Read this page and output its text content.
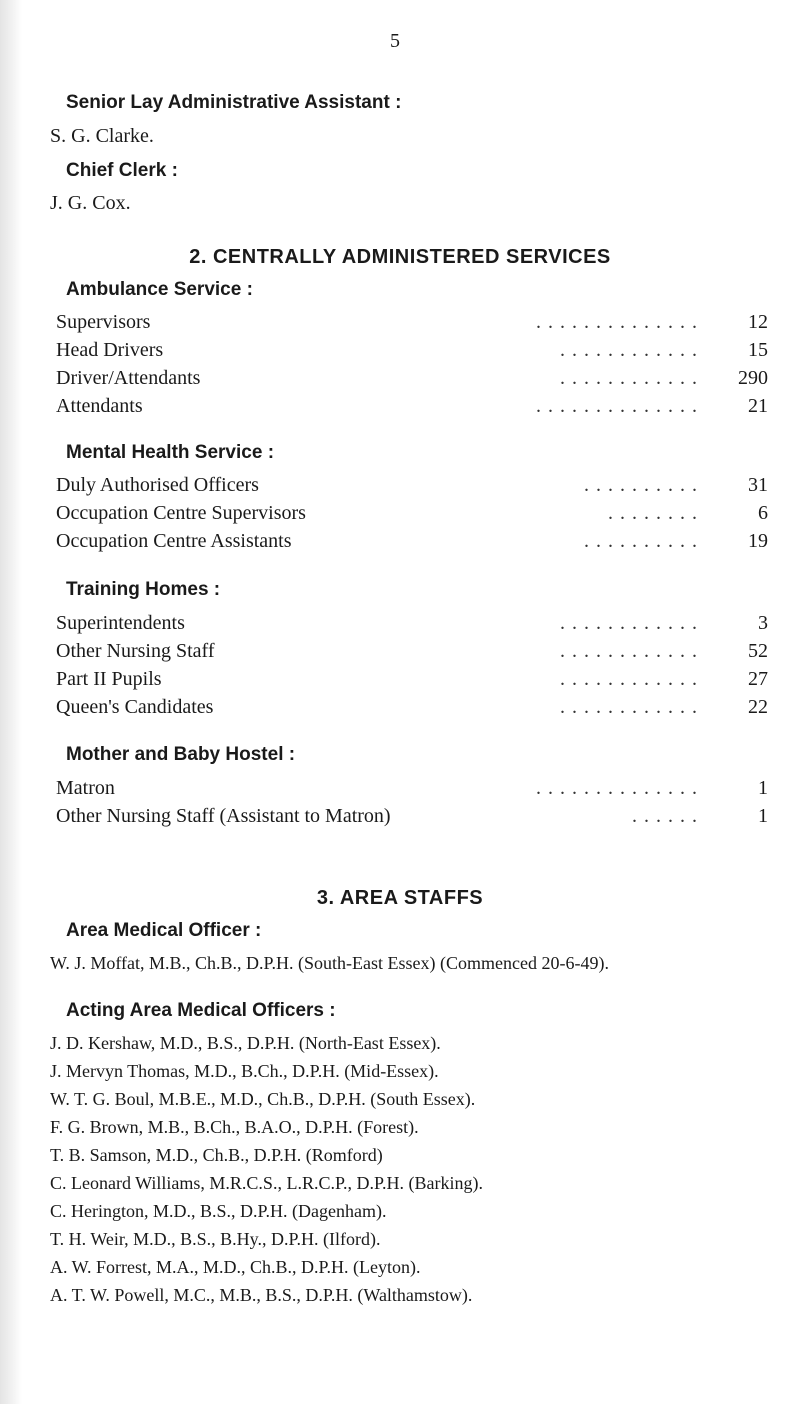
5
Senior Lay Administrative Assistant :
S. G. Clarke.
Chief Clerk :
J. G. Cox.
2. CENTRALLY ADMINISTERED SERVICES
Ambulance Service :
Supervisors	. . . . . . . . . . . . . .	12
Head Drivers	. . . . . . . . . . . .	15
Driver/Attendants	. . . . . . . . . . . . 290
Attendants	. . . . . . . . . . . . . .	21
Mental Health Service :
Duly Authorised Officers	. . . . . . . . . .	31
Occupation Centre Supervisors	. . . . . . . .	6
Occupation Centre Assistants	. . . . . . . . . .	19
Training Homes :
Superintendents	. . . . . . . . . . . .	3
Other Nursing Staff	. . . . . . . . . . . .	52
Part II Pupils	. . . . . . . . . . . .	27
Queen's Candidates	. . . . . . . . . . . .	22
Mother and Baby Hostel :
Matron	. . . . . . . . . . . . . .	1
Other Nursing Staff (Assistant to Matron)	. . . . . .	1
3. AREA STAFFS
Area Medical Officer :
W. J. Moffat, M.B., Ch.B., D.P.H. (South-East Essex) (Commenced 20-6-49).
Acting Area Medical Officers :
J. D. Kershaw, M.D., B.S., D.P.H. (North-East Essex).
J. Mervyn Thomas, M.D., B.Ch., D.P.H. (Mid-Essex).
W. T. G. Boul, M.B.E., M.D., Ch.B., D.P.H. (South Essex).
F. G. Brown, M.B., B.Ch., B.A.O., D.P.H. (Forest).
T. B. Samson, M.D., Ch.B., D.P.H. (Romford)
C. Leonard Williams, M.R.C.S., L.R.C.P., D.P.H. (Barking).
C. Herington, M.D., B.S., D.P.H. (Dagenham).
T. H. Weir, M.D., B.S., B.Hy., D.P.H. (Ilford).
A. W. Forrest, M.A., M.D., Ch.B., D.P.H. (Leyton).
A. T. W. Powell, M.C., M.B., B.S., D.P.H. (Walthamstow).
